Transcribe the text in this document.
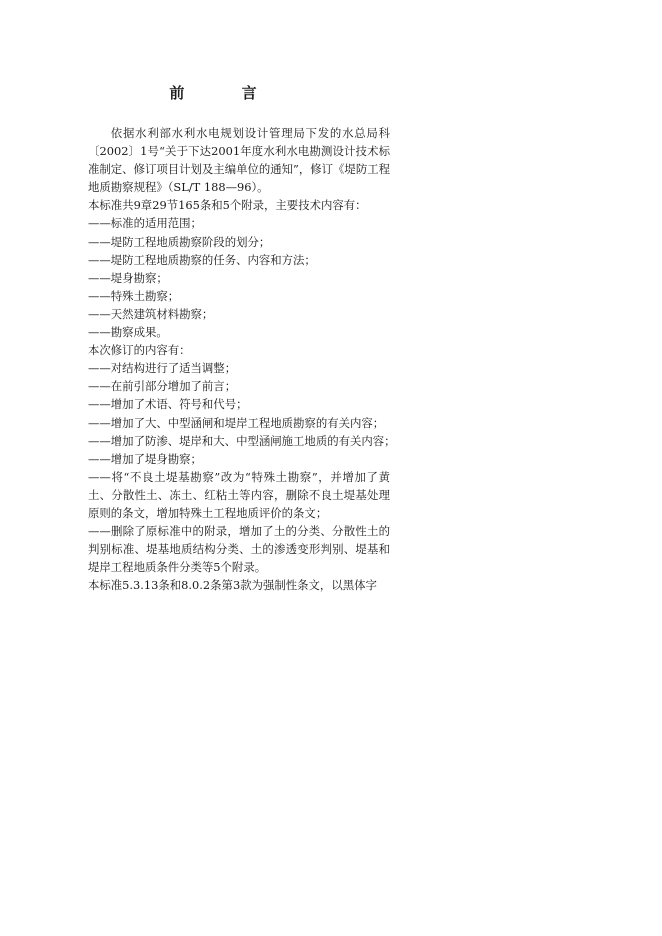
前 言

依据水利部水利水电规划设计管理局下发的水总局科〔2002〕1号“关于下达2001年度水利水电勘测设计技术标准制定、修订项目计划及主编单位的通知”，修订《堤防工程地质勘察规程》（SL/T 188—96）。

本标准共9章29节165条和5个附录，主要技术内容有：

——标准的适用范围；

——堤防工程地质勘察阶段的划分；

——堤防工程地质勘察的任务、内容和方法；

——堤身勘察；

——特殊土勘察；

——天然建筑材料勘察；

——勘察成果。

本次修订的内容有：

——对结构进行了适当调整；

——在前引部分增加了前言；

——增加了术语、符号和代号；

——增加了大、中型涵闸和堤岸工程地质勘察的有关内容；

——增加了防渗、堤岸和大、中型涵闸施工地质的有关内容；

——增加了堤身勘察；

——将“不良土堤基勘察”改为“特殊土勘察”，并增加了黄土、分散性土、冻土、红粘土等内容，删除不良土堤基处理原则的条文，增加特殊土工程地质评价的条文；

——删除了原标准中的附录，增加了土的分类、分散性土的判别标准、堤基地质结构分类、土的渗透变形判别、堤基和堤岸工程地质条件分类等5个附录。

本标准5.3.13条和8.0.2条第3款为强制性条文，以黑体字
